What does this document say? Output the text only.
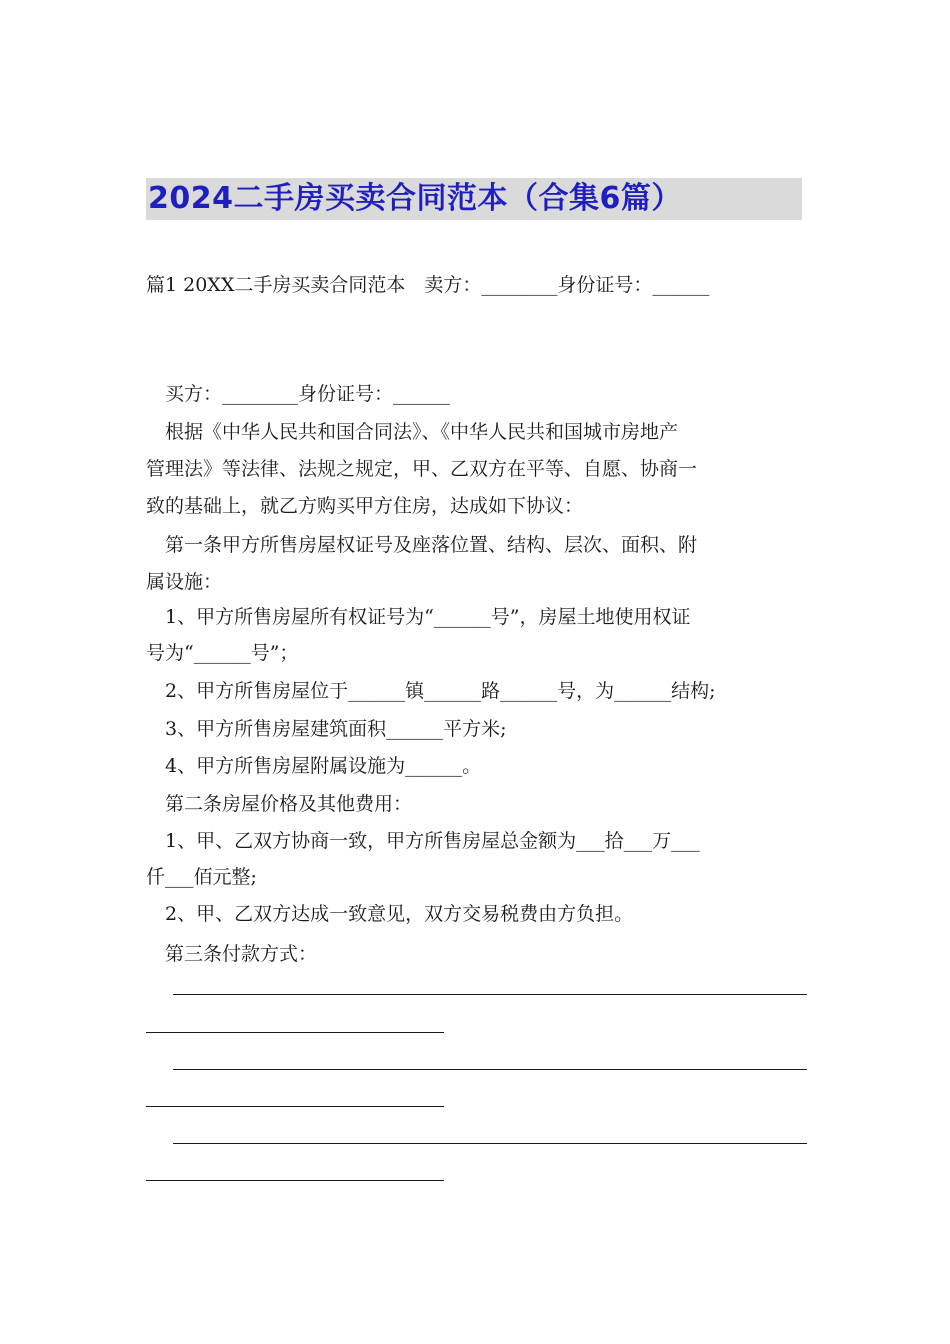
2024二手房买卖合同范本（合集6篇）

篇1 20XX二手房买卖合同范本　卖方：________身份证号：______

　买方：________身份证号：______

　根据《中华人民共和国合同法》、《中华人民共和国城市房地产

管理法》等法律、法规之规定，甲、乙双方在平等、自愿、协商一

致的基础上，就乙方购买甲方住房，达成如下协议：

　第一条甲方所售房屋权证号及座落位置、结构、层次、面积、附

属设施：

　1、甲方所售房屋所有权证号为“______号”，房屋土地使用权证

号为“______号”；

　2、甲方所售房屋位于______镇______路______号，为______结构;

　3、甲方所售房屋建筑面积______平方米;

　4、甲方所售房屋附属设施为______。

　第二条房屋价格及其他费用：

　1、甲、乙双方协商一致，甲方所售房屋总金额为___拾___万___

仟___佰元整;

　2、甲、乙双方达成一致意见，双方交易税费由方负担。

　第三条付款方式：
